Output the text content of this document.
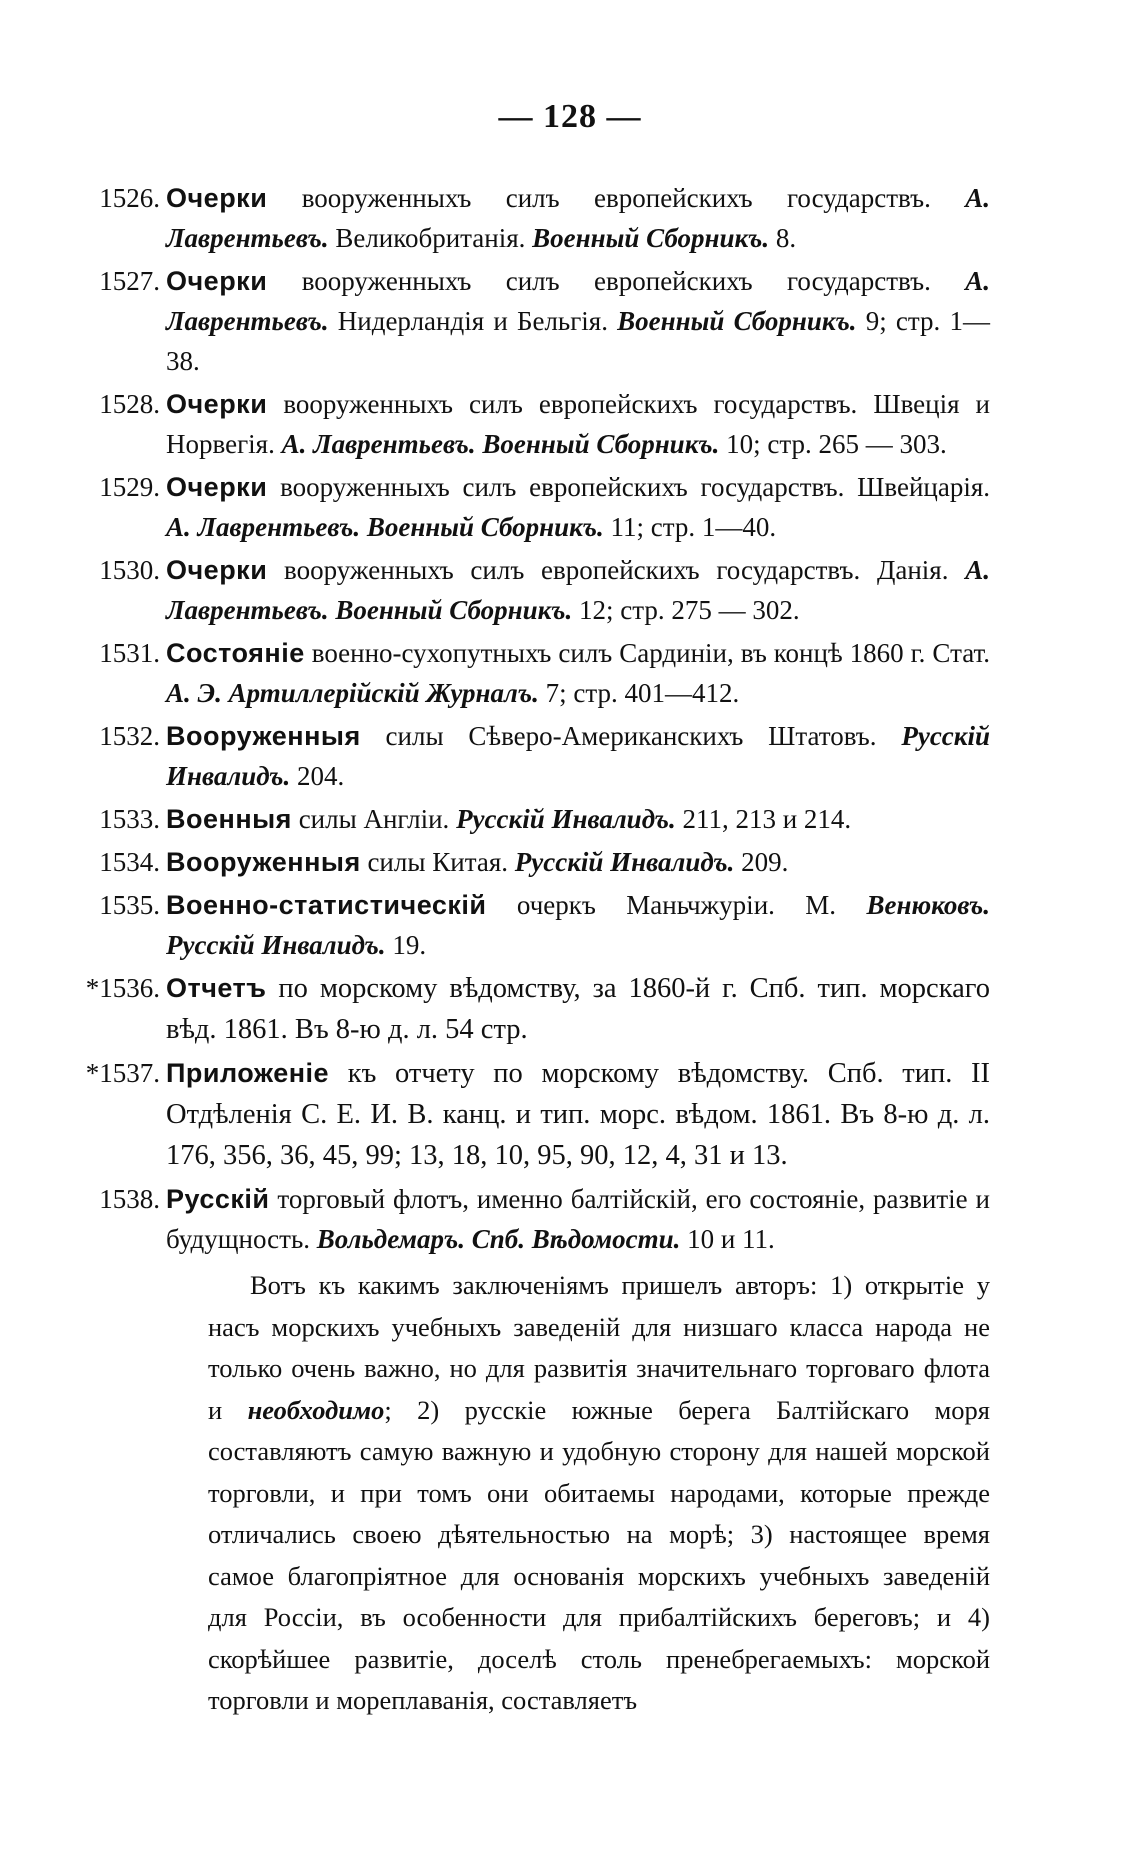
— 128 —
1526. Очерки вооруженныхъ силъ европейскихъ государствъ. А. Лаврентьевъ. Великобританія. Военный Сборникъ. 8.
1527. Очерки вооруженныхъ силъ европейскихъ государствъ. А. Лаврентьевъ. Нидерландія и Бельгія. Военный Сборникъ. 9; стр. 1—38.
1528. Очерки вооруженныхъ силъ европейскихъ государствъ. Швеція и Норвегія. А. Лаврентьевъ. Военный Сборникъ. 10; стр. 265 — 303.
1529. Очерки вооруженныхъ силъ европейскихъ государствъ. Швейцарія. А. Лаврентьевъ. Военный Сборникъ. 11; стр. 1—40.
1530. Очерки вооруженныхъ силъ европейскихъ государствъ. Данія. А. Лаврентьевъ. Военный Сборникъ. 12; стр. 275 — 302.
1531. Состояніе военно-сухопутныхъ силъ Сардиніи, въ концѣ 1860 г. Стат. А. Э. Артиллерійскій Журналъ. 7; стр. 401—412.
1532. Вооруженныя силы Сѣверо-Американскихъ Штатовъ. Русскій Инвалидъ. 204.
1533. Военныя силы Англіи. Русскій Инвалидъ. 211, 213 и 214.
1534. Вооруженныя силы Китая. Русскій Инвалидъ. 209.
1535. Военно-статистическій очеркъ Маньчжуріи. М. Венюковъ. Русскій Инвалидъ. 19.
*1536. Отчетъ по морскому вѣдомству, за 1860-й г. Спб. тип. морскаго вѣд. 1861. Въ 8-ю д. л. 54 стр.
*1537. Приложеніе къ отчету по морскому вѣдомству. Спб. тип. II Отдѣленія С. Е. И. В. канц. и тип. морс. вѣдом. 1861. Въ 8-ю д. л. 176, 356, 36, 45, 99; 13, 18, 10, 95, 90, 12, 4, 31 и 13.
1538. Русскій торговый флотъ, именно балтійскій, его состояніе, развитіе и будущность. Вольдемаръ. Спб. Вѣдомости. 10 и 11.
Вотъ къ какимъ заключеніямъ пришелъ авторъ: 1) открытіе у насъ морскихъ учебныхъ заведеній для низшаго класса народа не только очень важно, но для развитія значительнаго торговаго флота и необходимо; 2) русскіе южные берега Балтійскаго моря составляютъ самую важную и удобную сторону для нашей морской торговли, и при томъ они обитаемы народами, которые прежде отличались своею дѣятельностью на морѣ; 3) настоящее время самое благопріятное для основанія морскихъ учебныхъ заведеній для Россіи, въ особенности для прибалтійскихъ береговъ; и 4) скорѣйшее развитіе, доселѣ столь пренебрегаемыхъ: морской торговли и мореплаванія, составляетъ
